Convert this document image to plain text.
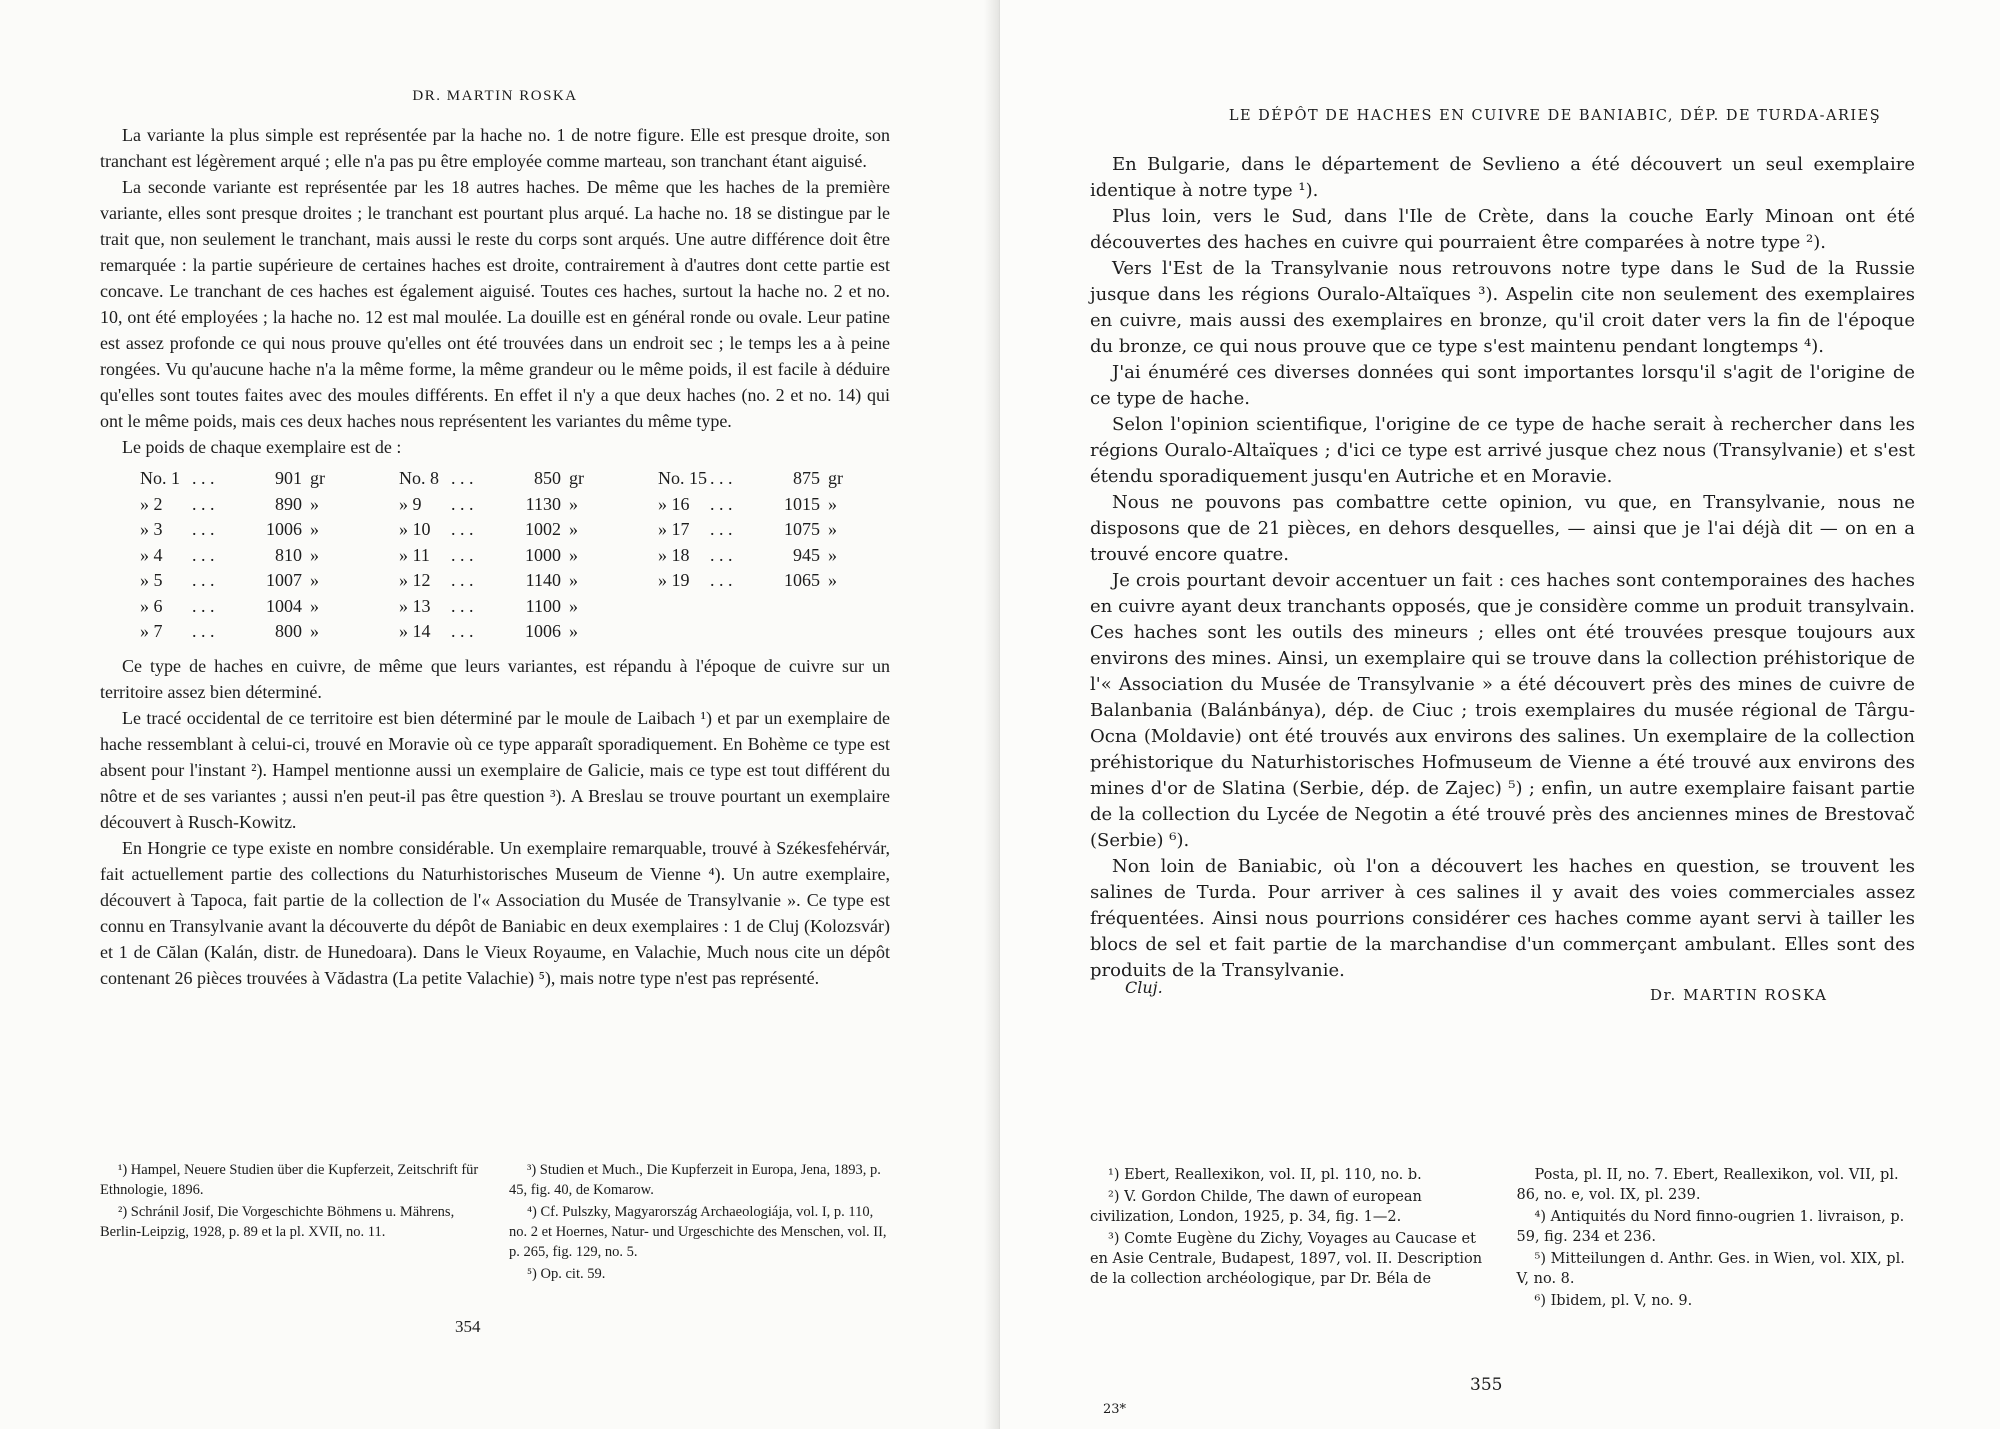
DR. MARTIN ROSKA

La variante la plus simple est représentée par la hache no. 1 de notre figure. Elle est presque droite, son tranchant est légèrement arqué ; elle n'a pas pu être employée comme marteau, son tranchant étant aiguisé.

La seconde variante est représentée par les 18 autres haches. De même que les haches de la première variante, elles sont presque droites ; le tranchant est pourtant plus arqué. La hache no. 18 se distingue par le trait que, non seulement le tranchant, mais aussi le reste du corps sont arqués. Une autre différence doit être remarquée : la partie supérieure de certaines haches est droite, contrairement à d'autres dont cette partie est concave. Le tranchant de ces haches est également aiguisé. Toutes ces haches, surtout la hache no. 2 et no. 10, ont été employées ; la hache no. 12 est mal moulée. La douille est en général ronde ou ovale. Leur patine est assez profonde ce qui nous prouve qu'elles ont été trouvées dans un endroit sec ; le temps les a à peine rongées. Vu qu'aucune hache n'a la même forme, la même grandeur ou le même poids, il est facile à déduire qu'elles sont toutes faites avec des moules différents. En effet il n'y a que deux haches (no. 2 et no. 14) qui ont le même poids, mais ces deux haches nous représentent les variantes du même type.

Le poids de chaque exemplaire est de :

No. 1 . . .	901 gr
» 2	. . .	890 »
» 3	. . .	1006 »
» 4	. . .	810 »
» 5	. . .	1007 »
» 6	. . .	1004 »
» 7	. . .	800 »
No. 8 . . .	850 gr
» 9	. . .	1130 »
» 10	. . .	1002 »
» 11	. . .	1000 »
» 12	. . .	1140 »
» 13	. . .	1100 »
» 14	. . .	1006 »
No. 15 . . .	875 gr
» 16	. . .	1015 »
» 17	. . .	1075 »
» 18	. . .	945 »
» 19	. . .	1065 »

Ce type de haches en cuivre, de même que leurs variantes, est répandu à l'époque de cuivre sur un territoire assez bien déterminé.

Le tracé occidental de ce territoire est bien déterminé par le moule de Laibach ¹) et par un exemplaire de hache ressemblant à celui-ci, trouvé en Moravie où ce type apparaît sporadiquement. En Bohème ce type est absent pour l'instant ²). Hampel mentionne aussi un exemplaire de Galicie, mais ce type est tout différent du nôtre et de ses variantes ; aussi n'en peut-il pas être question ³). A Breslau se trouve pourtant un exemplaire découvert à Rusch-Kowitz.

En Hongrie ce type existe en nombre considérable. Un exemplaire remarquable, trouvé à Székesfehérvár, fait actuellement partie des collections du Naturhistorisches Museum de Vienne ⁴). Un autre exemplaire, découvert à Tapoca, fait partie de la collection de l'« Association du Musée de Transylvanie ». Ce type est connu en Transylvanie avant la découverte du dépôt de Baniabic en deux exemplaires : 1 de Cluj (Kolozsvár) et 1 de Călan (Kalán, distr. de Hunedoara). Dans le Vieux Royaume, en Valachie, Much nous cite un dépôt contenant 26 pièces trouvées à Vădastra (La petite Valachie) ⁵), mais notre type n'est pas représenté.

¹) Hampel, Neuere Studien über die Kupferzeit, Zeitschrift für Ethnologie, 1896.

²) Schránil Josif, Die Vorgeschichte Böhmens u. Mährens, Berlin-Leipzig, 1928, p. 89 et la pl. XVII, no. 11.

³) Studien et Much., Die Kupferzeit in Europa, Jena, 1893, p. 45, fig. 40, de Komarow.

⁴) Cf. Pulszky, Magyarország Archaeologiája, vol. I, p. 110, no. 2 et Hoernes, Natur- und Urgeschichte des Menschen, vol. II, p. 265, fig. 129, no. 5.

⁵) Op. cit. 59.

354
LE DÉPÔT DE HACHES EN CUIVRE DE BANIABIC, DÉP. DE TURDA-ARIEŞ

En Bulgarie, dans le département de Sevlieno a été découvert un seul exemplaire identique à notre type ¹).

Plus loin, vers le Sud, dans l'Ile de Crète, dans la couche Early Minoan ont été découvertes des haches en cuivre qui pourraient être comparées à notre type ²).

Vers l'Est de la Transylvanie nous retrouvons notre type dans le Sud de la Russie jusque dans les régions Ouralo-Altaïques ³). Aspelin cite non seulement des exemplaires en cuivre, mais aussi des exemplaires en bronze, qu'il croit dater vers la fin de l'époque du bronze, ce qui nous prouve que ce type s'est maintenu pendant longtemps ⁴).

J'ai énuméré ces diverses données qui sont importantes lorsqu'il s'agit de l'origine de ce type de hache.

Selon l'opinion scientifique, l'origine de ce type de hache serait à rechercher dans les régions Ouralo-Altaïques ; d'ici ce type est arrivé jusque chez nous (Transylvanie) et s'est étendu sporadiquement jusqu'en Autriche et en Moravie.

Nous ne pouvons pas combattre cette opinion, vu que, en Transylvanie, nous ne disposons que de 21 pièces, en dehors desquelles, — ainsi que je l'ai déjà dit — on en a trouvé encore quatre.

Je crois pourtant devoir accentuer un fait : ces haches sont contemporaines des haches en cuivre ayant deux tranchants opposés, que je considère comme un produit transylvain. Ces haches sont les outils des mineurs ; elles ont été trouvées presque toujours aux environs des mines. Ainsi, un exemplaire qui se trouve dans la collection préhistorique de l'« Association du Musée de Transylvanie » a été découvert près des mines de cuivre de Balanbania (Balánbánya), dép. de Ciuc ; trois exemplaires du musée régional de Târgu-Ocna (Moldavie) ont été trouvés aux environs des salines. Un exemplaire de la collection préhistorique du Naturhistorisches Hofmuseum de Vienne a été trouvé aux environs des mines d'or de Slatina (Serbie, dép. de Zajec) ⁵) ; enfin, un autre exemplaire faisant partie de la collection du Lycée de Negotin a été trouvé près des anciennes mines de Brestovač (Serbie) ⁶).

Non loin de Baniabic, où l'on a découvert les haches en question, se trouvent les salines de Turda. Pour arriver à ces salines il y avait des voies commerciales assez fréquentées. Ainsi nous pourrions considérer ces haches comme ayant servi à tailler les blocs de sel et fait partie de la marchandise d'un commerçant ambulant. Elles sont des produits de la Transylvanie.

Cluj.	Dr. MARTIN ROSKA

¹) Ebert, Reallexikon, vol. II, pl. 110, no. b.

²) V. Gordon Childe, The dawn of european civilization, London, 1925, p. 34, fig. 1—2.

³) Comte Eugène du Zichy, Voyages au Caucase et en Asie Centrale, Budapest, 1897, vol. II. Description de la collection archéologique, par Dr. Béla de

Posta, pl. II, no. 7. Ebert, Reallexikon, vol. VII, pl. 86, no. e, vol. IX, pl. 239.

⁴) Antiquités du Nord finno-ougrien 1. livraison, p. 59, fig. 234 et 236.

⁵) Mitteilungen d. Anthr. Ges. in Wien, vol. XIX, pl. V, no. 8.

⁶) Ibidem, pl. V, no. 9.

355
23*
